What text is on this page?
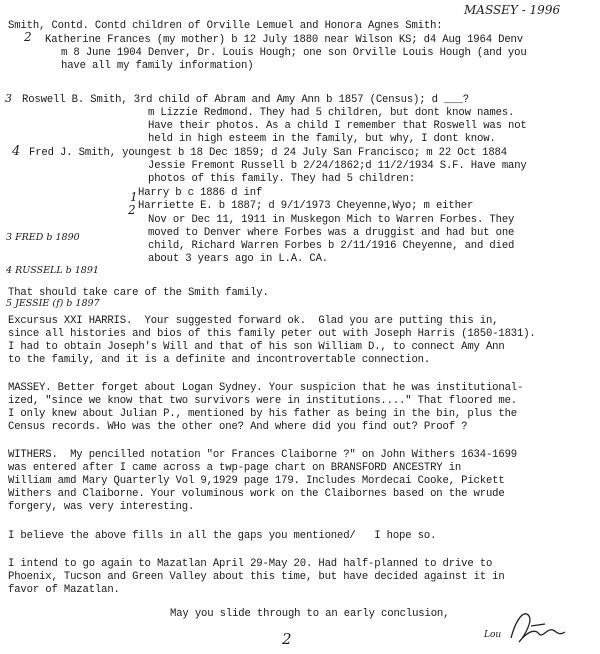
MASSEY - 1996
2
3
4
1
2

3 FRED b 1890

4 RUSSELL b 1891

5 JESSIE (f) b 1897

Smith, Contd. Contd children of Orville Lemuel and Honora Agnes Smith:
Katherine Frances (my mother) b 12 July 1880 near Wilson KS; d4 Aug 1964 Denv
m 8 June 1904 Denver, Dr. Louis Hough; one son Orville Louis Hough (and you
have all my family information)
Roswell B. Smith, 3rd child of Abram and Amy Ann b 1857 (Census); d ___?
m Lizzie Redmond. They had 5 children, but dont know names.
Have their photos. As a child I remember that Roswell was not
held in high esteem in the family, but why, I dont know.
Fred J. Smith, youngest b 18 Dec 1859; d 24 July San Francisco; m 22 Oct 1884
Jessie Fremont Russell b 2/24/1862;d 11/2/1934 S.F. Have many
photos of this family. They had 5 children:
Harry b c 1886 d inf
Harriette E. b 1887; d 9/1/1973 Cheyenne,Wyo; m either
Nov or Dec 11, 1911 in Muskegon Mich to Warren Forbes. They
moved to Denver where Forbes was a druggist and had but one
child, Richard Warren Forbes b 2/11/1916 Cheyenne, and died
about 3 years ago in L.A. CA.
That should take care of the Smith family.
Excursus XXI HARRIS.  Your suggested forward ok.  Glad you are putting this in,
since all histories and bios of this family peter out with Joseph Harris (1850-1831).
I had to obtain Joseph's Will and that of his son William D., to connect Amy Ann
to the family, and it is a definite and incontrovertable connection.
MASSEY. Better forget about Logan Sydney. Your suspicion that he was institutional-
ized, "since we know that two survivors were in institutions...." That floored me.
I only knew about Julian P., mentioned by his father as being in the bin, plus the
Census records. WHo was the other one? And where did you find out? Proof ?
WITHERS.  My pencilled notation "or Frances Claiborne ?" on John Withers 1634-1699
was entered after I came across a twp-page chart on BRANSFORD ANCESTRY in
William amd Mary Quarterly Vol 9,1929 page 179. Includes Mordecai Cooke, Pickett
Withers and Claiborne. Your voluminous work on the Claibornes based on the wrude
forgery, was very interesting.
I believe the above fills in all the gaps you mentioned/   I hope so.
I intend to go again to Mazatlan April 29-May 20. Had half-planned to drive to
Phoenix, Tucson and Green Valley about this time, but have decided against it in
favor of Mazatlan.
May you slide through to an early conclusion,
2	Lou
